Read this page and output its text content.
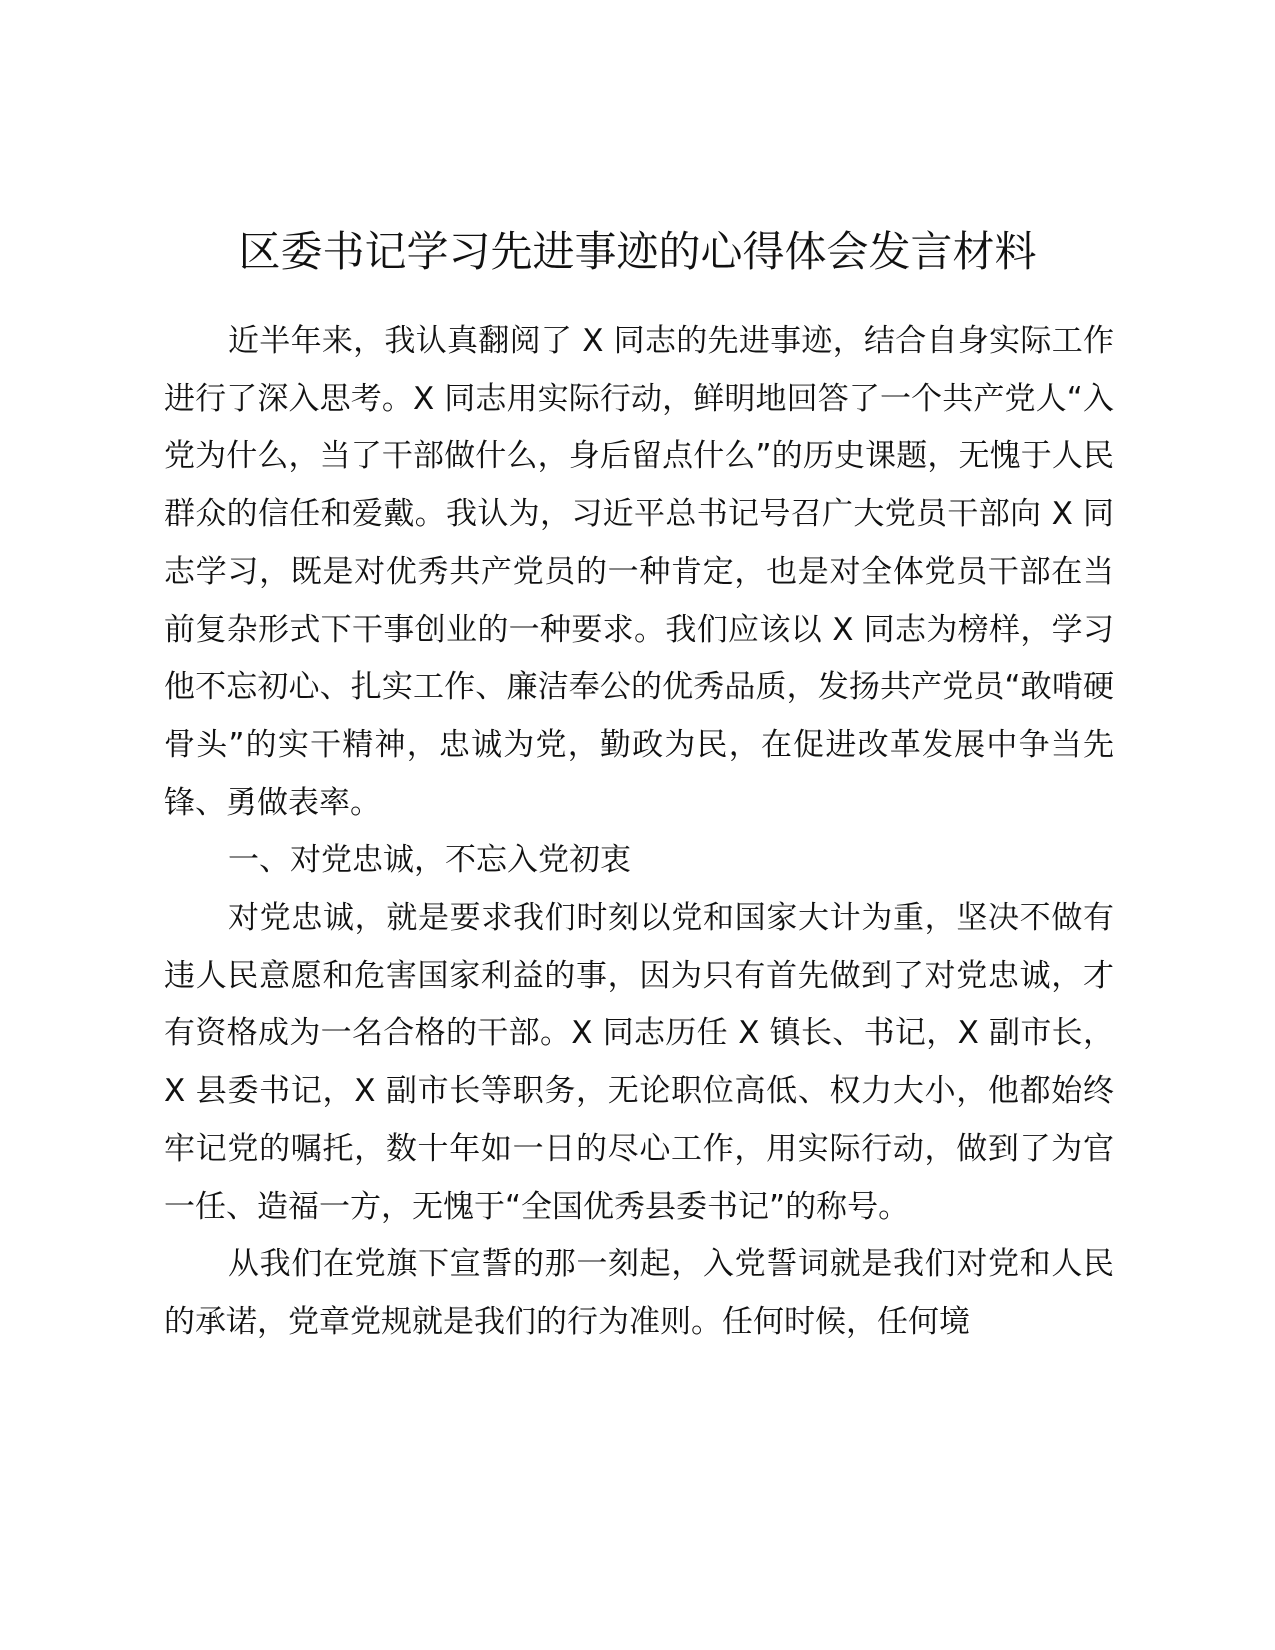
区委书记学习先进事迹的心得体会发言材料

近半年来，我认真翻阅了 X 同志的先进事迹，结合自身实际工作进行了深入思考。X 同志用实际行动，鲜明地回答了一个共产党人“入党为什么，当了干部做什么，身后留点什么”的历史课题，无愧于人民群众的信任和爱戴。我认为，习近平总书记号召广大党员干部向 X 同志学习，既是对优秀共产党员的一种肯定，也是对全体党员干部在当前复杂形式下干事创业的一种要求。我们应该以 X 同志为榜样，学习他不忘初心、扎实工作、廉洁奉公的优秀品质，发扬共产党员“敢啃硬骨头”的实干精神，忠诚为党，勤政为民，在促进改革发展中争当先锋、勇做表率。

一、对党忠诚，不忘入党初衷

对党忠诚，就是要求我们时刻以党和国家大计为重，坚决不做有违人民意愿和危害国家利益的事，因为只有首先做到了对党忠诚，才有资格成为一名合格的干部。X 同志历任 X 镇长、书记，X 副市长，X 县委书记，X 副市长等职务，无论职位高低、权力大小，他都始终牢记党的嘱托，数十年如一日的尽心工作，用实际行动，做到了为官一任、造福一方，无愧于“全国优秀县委书记”的称号。

从我们在党旗下宣誓的那一刻起，入党誓词就是我们对党和人民的承诺，党章党规就是我们的行为准则。任何时候，任何境
